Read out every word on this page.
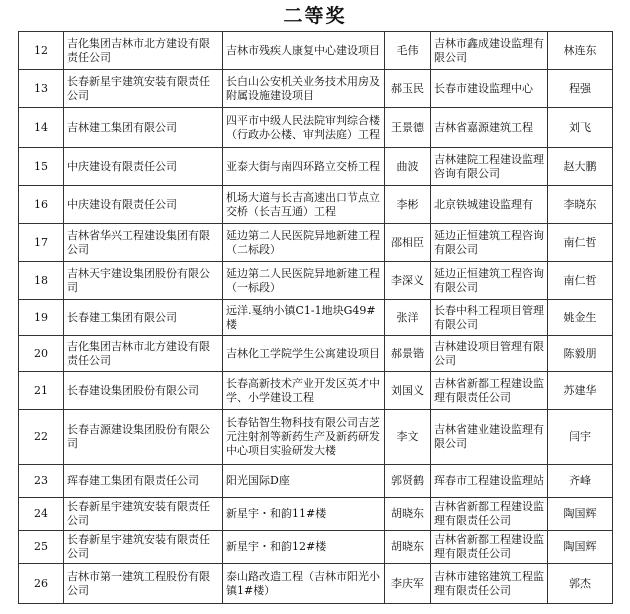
二等奖
12	吉化集团吉林市北方建设有限责任公司	吉林市残疾人康复中心建设项目	毛伟	吉林市鑫成建设监理有限公司	林连东
13	长春新星宇建筑安装有限责任公司	长白山公安机关业务技术用房及附属设施建设项目	郝玉民	长春市建设监理中心	程强
14	吉林建工集团有限公司	四平市中级人民法院审判综合楼（行政办公楼、审判法庭）工程	王景德	吉林省嘉源建筑工程	刘飞
15	中庆建设有限责任公司	亚泰大街与南四环路立交桥工程	曲波	吉林建院工程建设监理咨询有限公司	赵大鹏
16	中庆建设有限责任公司	机场大道与长吉高速出口节点立交桥（长吉互通）工程	李彬	北京铁城建设监理有	李晓东
17	吉林省华兴工程建设集团有限公司	延边第二人民医院异地新建工程（二标段）	邵相臣	延边正恒建筑工程咨询有限公司	南仁哲
18	吉林天宇建设集团股份有限公司	延边第二人民医院异地新建工程（一标段）	李深义	延边正恒建筑工程咨询有限公司	南仁哲
19	长春建工集团有限公司	远洋.戛纳小镇C1-1地块G49#楼	张洋	长春中科工程项目管理有限公司	姚金生
20	吉化集团吉林市北方建设有限责任公司	吉林化工学院学生公寓建设项目	郝景锴	吉林建设项目管理有限公司	陈毅朋
21	长春建设集团股份有限公司	长春高新技术产业开发区英才中学、小学建设工程	刘国义	吉林省新都工程建设监理有限责任公司	苏建华
22	长春吉源建设集团股份有限公司	长春钻智生物科技有限公司吉芝元注射剂等新药生产及新药研发中心项目实验研发大楼	李文	吉林省建业建设监理有限公司	闫宇
23	珲春建工集团有限责任公司	阳光国际D座	郭贤鹤	珲春市工程建设监理站	齐峰
24	长春新星宇建筑安装有限责任公司	新星宇・和韵11#楼	胡晓东	吉林省新都工程建设监理有限责任公司	陶国辉
25	长春新星宇建筑安装有限责任公司	新星宇・和韵12#楼	胡晓东	吉林省新都工程建设监理有限责任公司	陶国辉
26	吉林市第一建筑工程股份有限公司	泰山路改造工程（吉林市阳光小镇1#楼）	李庆军	吉林市建铭建筑工程监理有限责任公司	郭杰
